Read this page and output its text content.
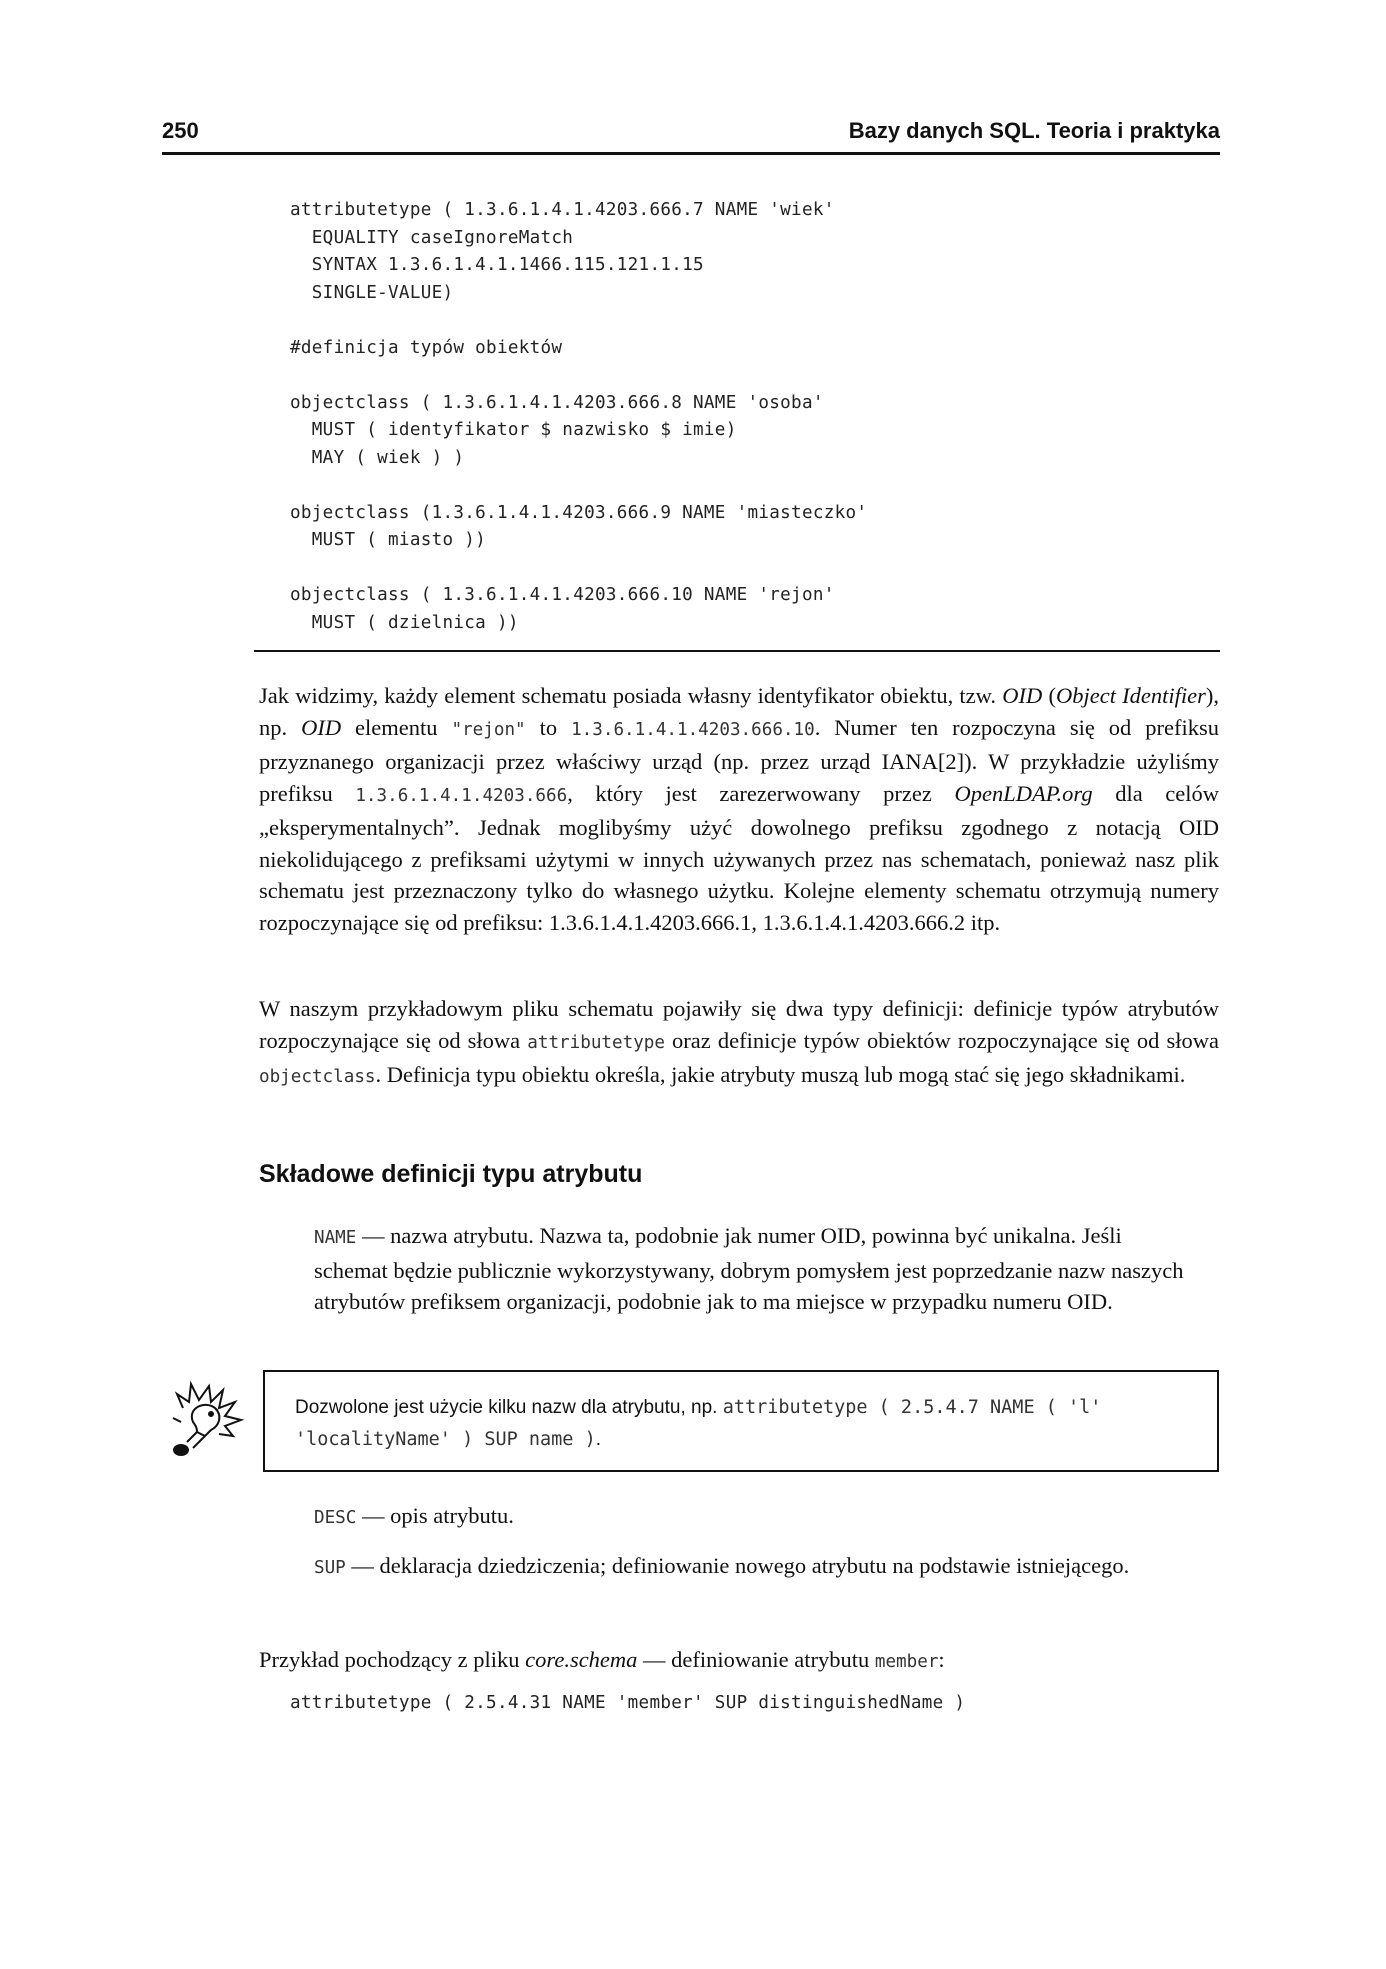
250	Bazy danych SQL. Teoria i praktyka
attributetype ( 1.3.6.1.4.1.4203.666.7 NAME 'wiek'
EQUALITY caseIgnoreMatch
SYNTAX 1.3.6.1.4.1.1466.115.121.1.15
SINGLE-VALUE)

#definicja typów obiektów

objectclass ( 1.3.6.1.4.1.4203.666.8 NAME 'osoba'
MUST ( identyfikator $ nazwisko $ imie)
MAY ( wiek ) )

objectclass (1.3.6.1.4.1.4203.666.9 NAME 'miasteczko'
MUST ( miasto ))

objectclass ( 1.3.6.1.4.1.4203.666.10 NAME 'rejon'
MUST ( dzielnica ))

Jak widzimy, każdy element schematu posiada własny identyfikator obiektu, tzw. OID (Object Identifier), np. OID elementu "rejon" to 1.3.6.1.4.1.4203.666.10. Numer ten rozpoczyna się od prefiksu przyznanego organizacji przez właściwy urząd (np. przez urząd IANA[2]). W przykładzie użyliśmy prefiksu 1.3.6.1.4.1.4203.666, który jest zarezerwowany przez OpenLDAP.org dla celów „eksperymentalnych”. Jednak moglibyśmy użyć dowolnego prefiksu zgodnego z notacją OID niekolidującego z prefiksami użytymi w innych używanych przez nas schematach, ponieważ nasz plik schematu jest przeznaczony tylko do własnego użytku. Kolejne elementy schematu otrzymują numery rozpoczynające się od prefiksu: 1.3.6.1.4.1.4203.666.1, 1.3.6.1.4.1.4203.666.2 itp.

W naszym przykładowym pliku schematu pojawiły się dwa typy definicji: definicje typów atrybutów rozpoczynające się od słowa attributetype oraz definicje typów obiektów rozpoczynające się od słowa objectclass. Definicja typu obiektu określa, jakie atrybuty muszą lub mogą stać się jego składnikami.

Składowe definicji typu atrybutu

NAME — nazwa atrybutu. Nazwa ta, podobnie jak numer OID, powinna być unikalna. Jeśli schemat będzie publicznie wykorzystywany, dobrym pomysłem jest poprzedzanie nazw naszych atrybutów prefiksem organizacji, podobnie jak to ma miejsce w przypadku numeru OID.

Dozwolone jest użycie kilku nazw dla atrybutu, np. attributetype ( 2.5.4.7 NAME ( 'l' 'localityName' ) SUP name ).

DESC — opis atrybutu.

SUP — deklaracja dziedziczenia; definiowanie nowego atrybutu na podstawie istniejącego.

Przykład pochodzący z pliku core.schema — definiowanie atrybutu member:

attributetype ( 2.5.4.31 NAME 'member' SUP distinguishedName )
